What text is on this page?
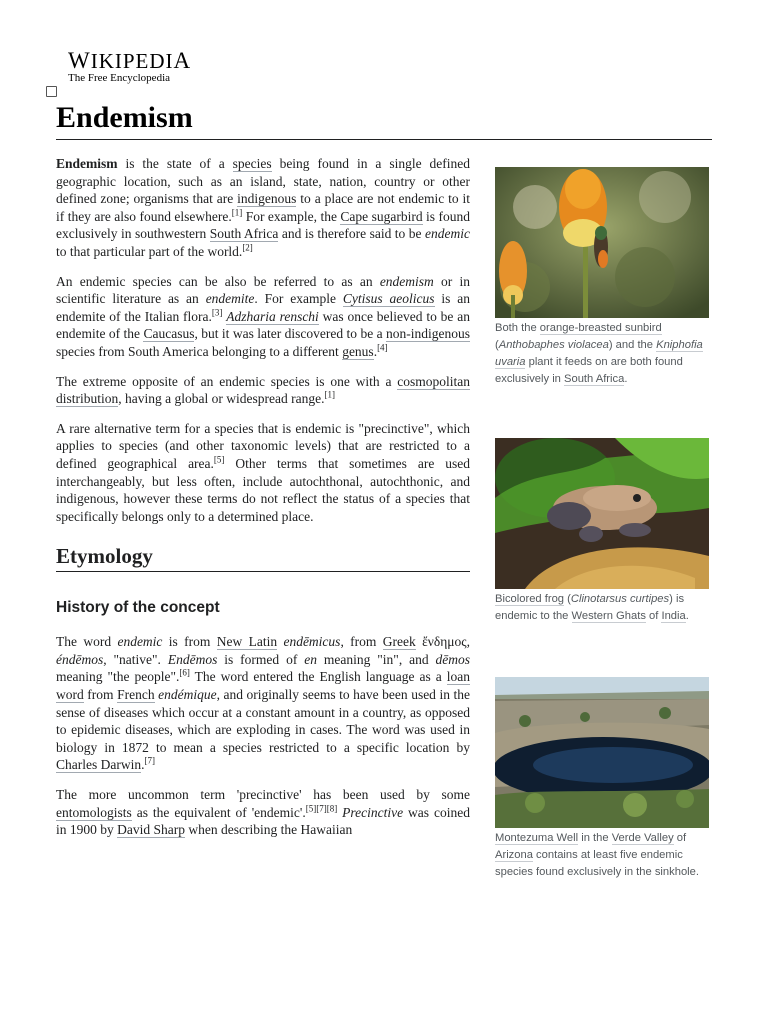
WIKIPEDIA
The Free Encyclopedia
Endemism

Endemism is the state of a species being found in a single defined geographic location, such as an island, state, nation, country or other defined zone; organisms that are indigenous to a place are not endemic to it if they are also found elsewhere.[1] For example, the Cape sugarbird is found exclusively in southwestern South Africa and is therefore said to be endemic to that particular part of the world.[2]

An endemic species can be also be referred to as an endemism or in scientific literature as an endemite. For example Cytisus aeolicus is an endemite of the Italian flora.[3] Adzharia renschi was once believed to be an endemite of the Caucasus, but it was later discovered to be a non-indigenous species from South America belonging to a different genus.[4]

The extreme opposite of an endemic species is one with a cosmopolitan distribution, having a global or widespread range.[1]

A rare alternative term for a species that is endemic is "precinctive", which applies to species (and other taxonomic levels) that are restricted to a defined geographical area.[5] Other terms that sometimes are used interchangeably, but less often, include autochthonal, autochthonic, and indigenous, however these terms do not reflect the status of a species that specifically belongs only to a determined place.

Etymology
History of the concept

The word endemic is from New Latin endēmicus, from Greek ἔνδημος, éndēmos, "native". Endēmos is formed of en meaning "in", and dēmos meaning "the people".[6] The word entered the English language as a loan word from French endémique, and originally seems to have been used in the sense of diseases which occur at a constant amount in a country, as opposed to epidemic diseases, which are exploding in cases. The word was used in biology in 1872 to mean a species restricted to a specific location by Charles Darwin.[7]

The more uncommon term 'precinctive' has been used by some entomologists as the equivalent of 'endemic'.[5][7][8] Precinctive was coined in 1900 by David Sharp when describing the Hawaiian

Both the orange-breasted sunbird (Anthobaphes violacea) and the Kniphofia uvaria plant it feeds on are both found exclusively in South Africa.
Bicolored frog (Clinotarsus curtipes) is endemic to the Western Ghats of India.
Montezuma Well in the Verde Valley of Arizona contains at least five endemic species found exclusively in the sinkhole.
